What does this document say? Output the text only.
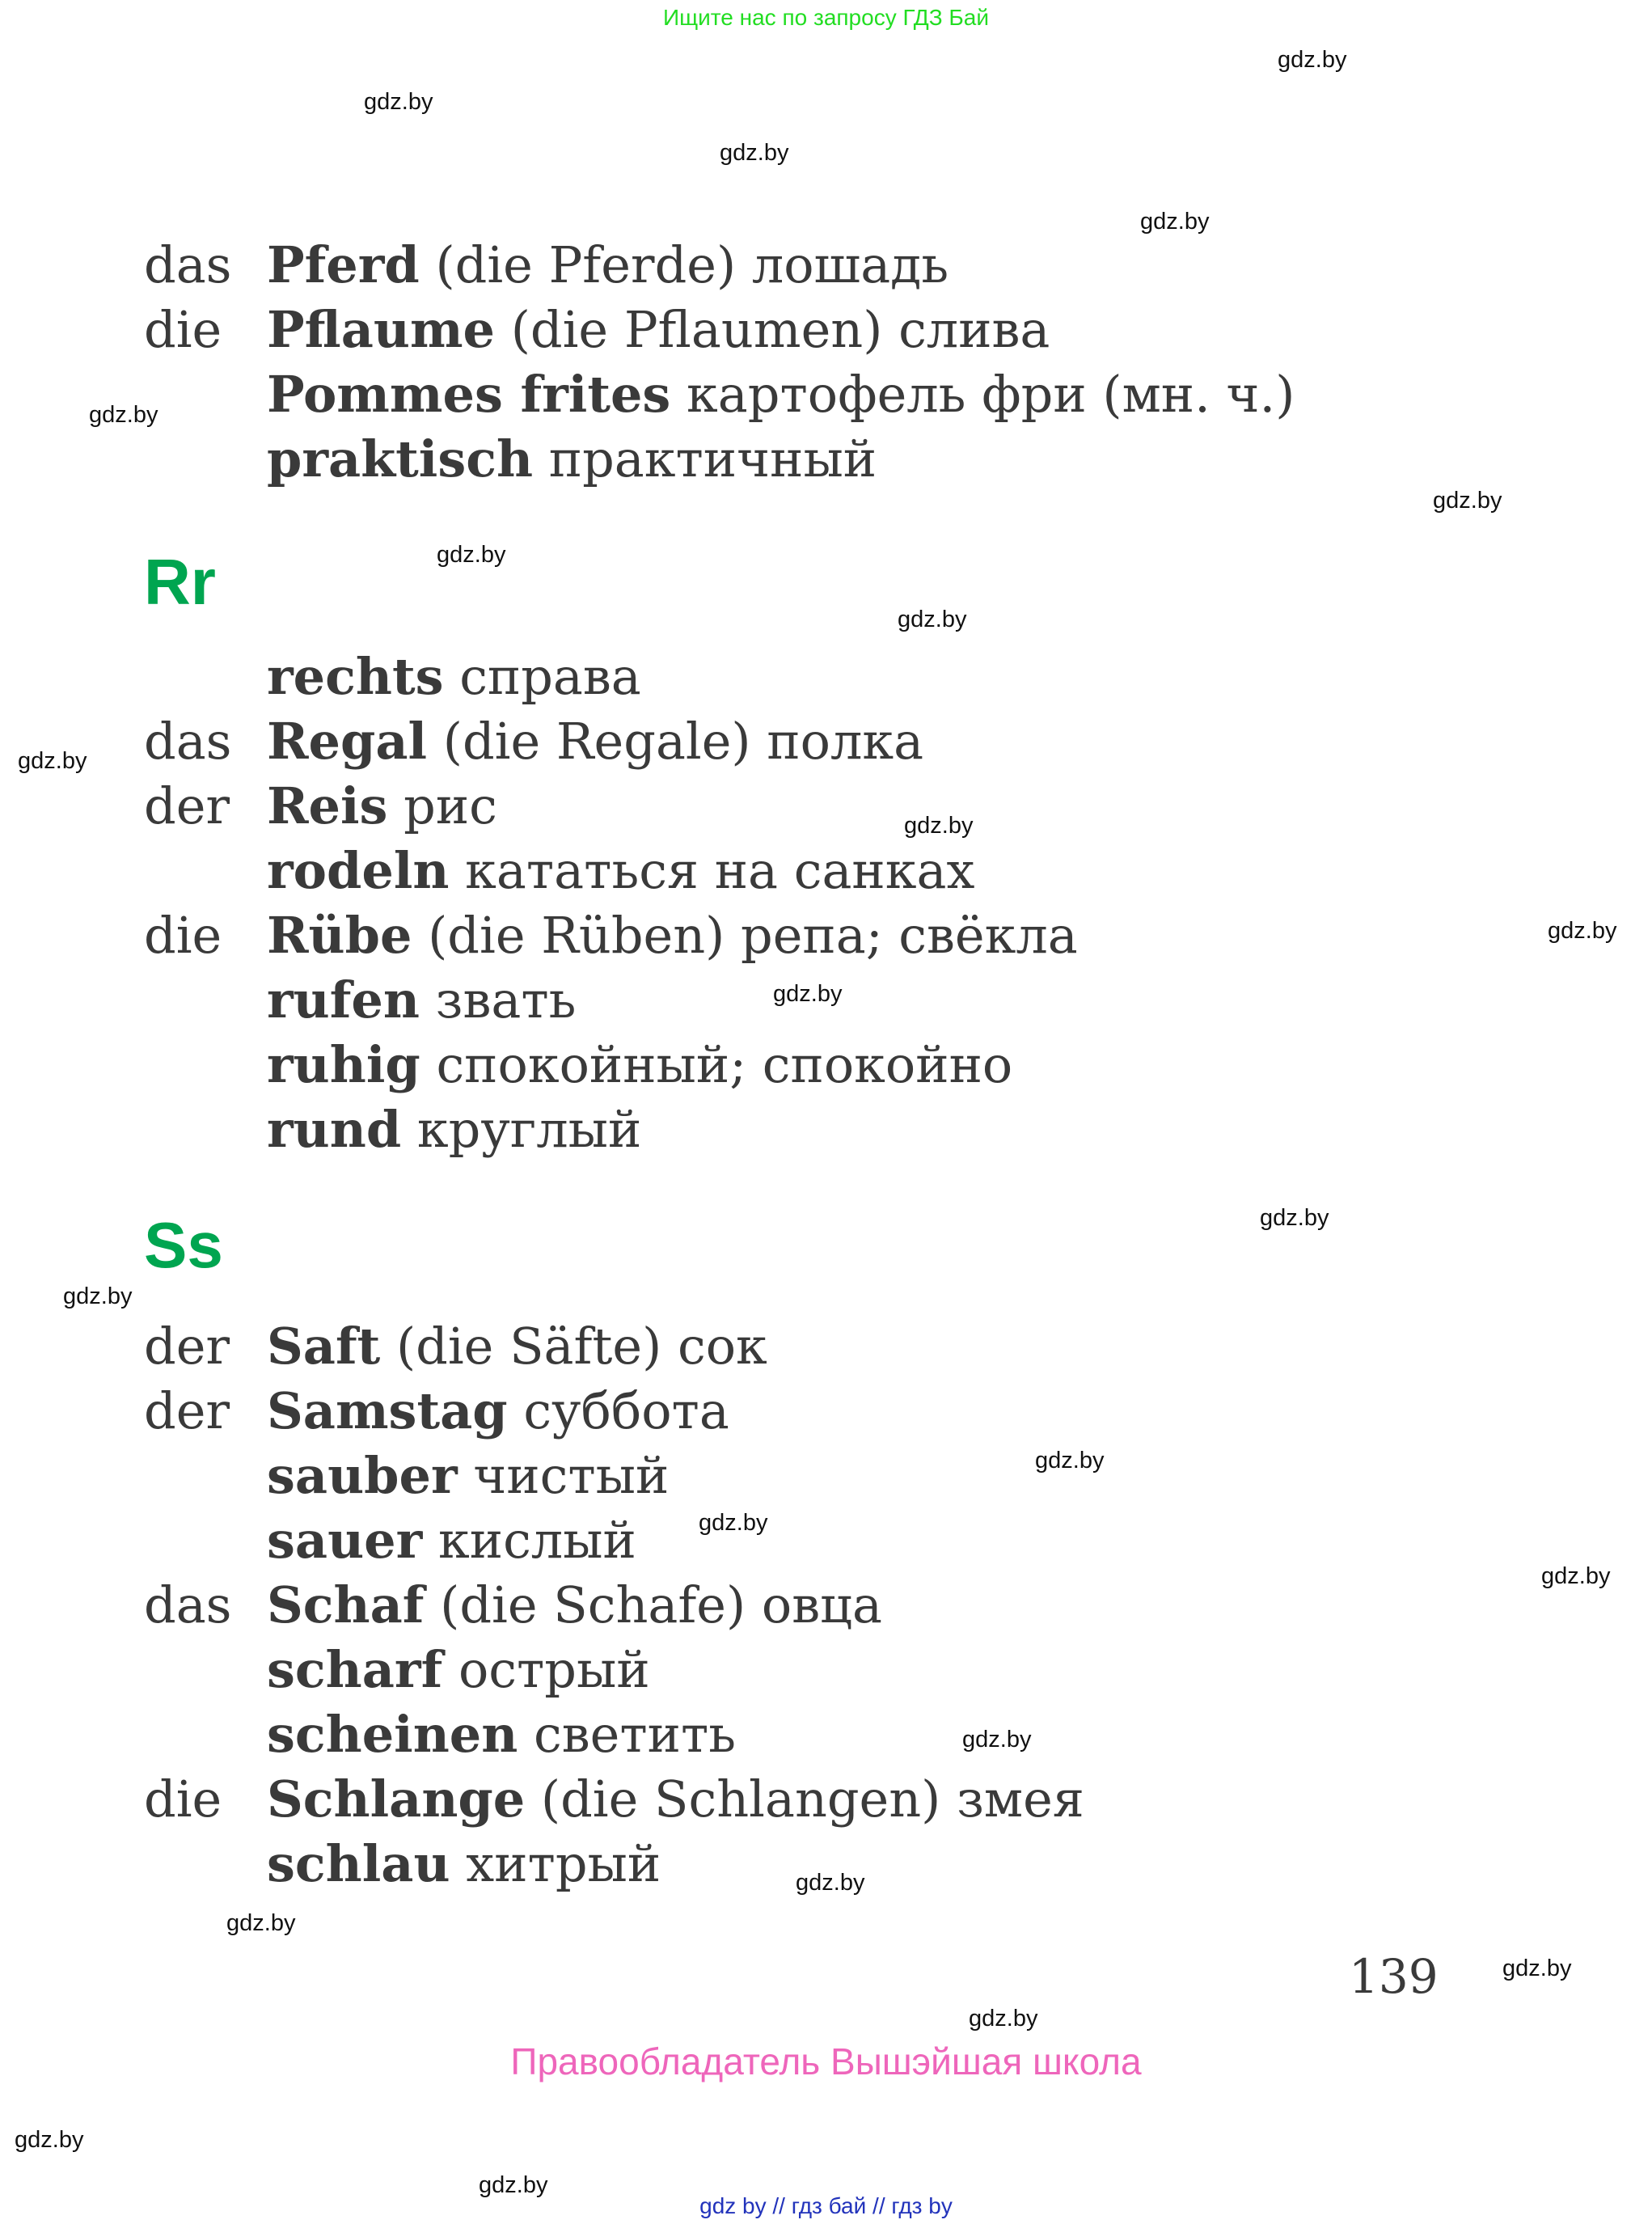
Ищите нас по запросу ГДЗ Бай
gdz.by
gdz.by
gdz.by
gdz.by
gdz.by
gdz.by
gdz.by
gdz.by
gdz.by
gdz.by
gdz.by
gdz.by
gdz.by
gdz.by
gdz.by
gdz.by
gdz.by
gdz.by
gdz.by
gdz.by
gdz.by
gdz.by
gdz.by
gdz.by
das Pferd (die Pferde) лошадь
die Pflaume (die Pflaumen) слива
Pommes frites картофель фри (мн. ч.)
praktisch практичный
Rr
rechts справа
das Regal (die Regale) полка
der Reis рис
rodeln кататься на санках
die Rübe (die Rüben) репа; свёкла
rufen звать
ruhig спокойный; спокойно
rund круглый
Ss
der Saft (die Säfte) сок
der Samstag суббота
sauber чистый
sauer кислый
das Schaf (die Schafe) овца
scharf острый
scheinen светить
die Schlange (die Schlangen) змея
schlau хитрый
139
Правообладатель Вышэйшая школа
gdz by // гдз бай // гдз by
